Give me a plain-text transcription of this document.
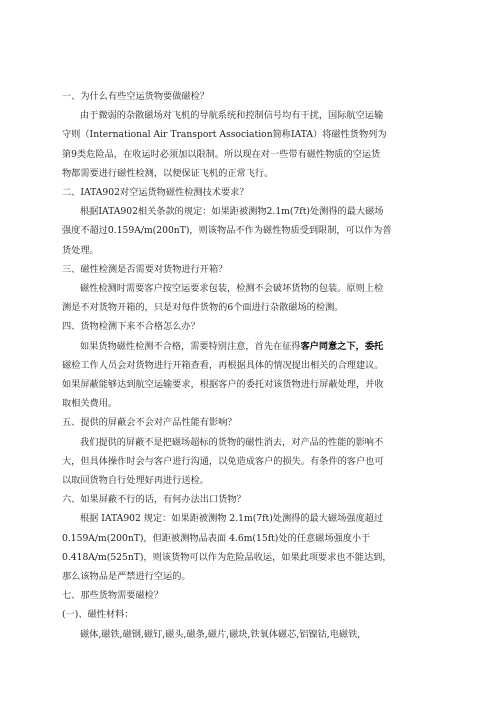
一、为什么有些空运货物要做磁检？
由于微弱的杂散磁场对飞机的导航系统和控制信号均有干扰，国际航空运输
守则（International Air Transport Association简称IATA）将磁性货物列为
第9类危险品，在收运时必须加以限制。所以现在对一些带有磁性物质的空运货
物都需要进行磁性检测，以便保证飞机的正常飞行。
二、IATA902对空运货物磁性检测技术要求？
根据IATA902相关条款的规定：如果距被测物2.1m(7ft)处测得的最大磁场
强度不超过0.159A/m(200nT)，则该物品不作为磁性物质受到限制，可以作为普
货处理。
三、磁性检测是否需要对货物进行开箱？
磁性检测时需要客户按空运要求包装，检测不会破坏货物的包装。原则上检
测是不对货物开箱的，只是对每件货物的6个面进行杂散磁场的检测。
四、货物检测下来不合格怎么办？
如果货物磁性检测不合格，需要特别注意，首先在征得客户同意之下，委托
磁检工作人员会对货物进行开箱查看，再根据具体的情况提出相关的合理建议。
如果屏蔽能够达到航空运输要求，根据客户的委托对该货物进行屏蔽处理，并收
取相关费用。
五、提供的屏蔽会不会对产品性能有影响？
我们提供的屏蔽不是把磁场超标的货物的磁性消去，对产品的性能的影响不
大，但具体操作时会与客户进行沟通，以免造成客户的损失。有条件的客户也可
以取回货物自行处理好再进行送检。
六、如果屏蔽不行的话，有何办法出口货物？
根据 IATA902 规定：如果距被测物 2.1m(7ft)处测得的最大磁场强度超过
0.159A/m(200nT)，但距被测物品表面 4.6m(15ft)处的任意磁场强度小于
0.418A/m(525nT)，则该货物可以作为危险品收运，如果此项要求也不能达到，
那么该物品是严禁进行空运的。
七、那些货物需要磁检？
(一)、磁性材料：
磁体,磁铁,磁钢,磁钉,磁头,磁条,磁片,磁块,铁氧体磁芯,铝镍钴,电磁铁,
